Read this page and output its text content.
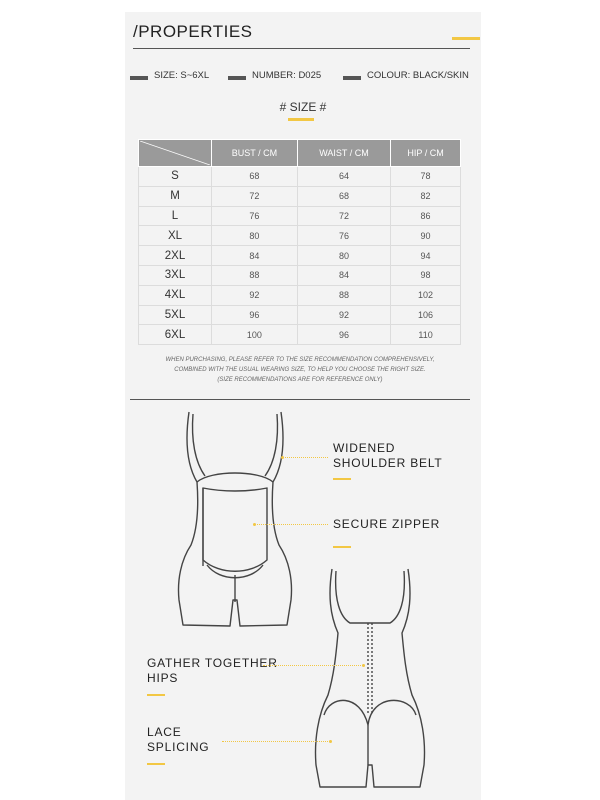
/PROPERTIES
SIZE: S~6XL	NUMBER: D025	COLOUR: BLACK/SKIN
# SIZE #
	BUST / CM	WAIST / CM	HIP / CM
S	68	64	78
M	72	68	82
L	76	72	86
XL	80	76	90
2XL	84	80	94
3XL	88	84	98
4XL	92	88	102
5XL	96	92	106
6XL	100	96	110
WHEN PURCHASING, PLEASE REFER TO THE SIZE RECOMMENDATION COMPREHENSIVELY,
COMBINED WITH THE USUAL WEARING SIZE, TO HELP YOU CHOOSE THE RIGHT SIZE.
(SIZE RECOMMENDATIONS ARE FOR REFERENCE ONLY)
WIDENED
SHOULDER BELT
SECURE ZIPPER
GATHER TOGETHER
HIPS
LACE
SPLICING
